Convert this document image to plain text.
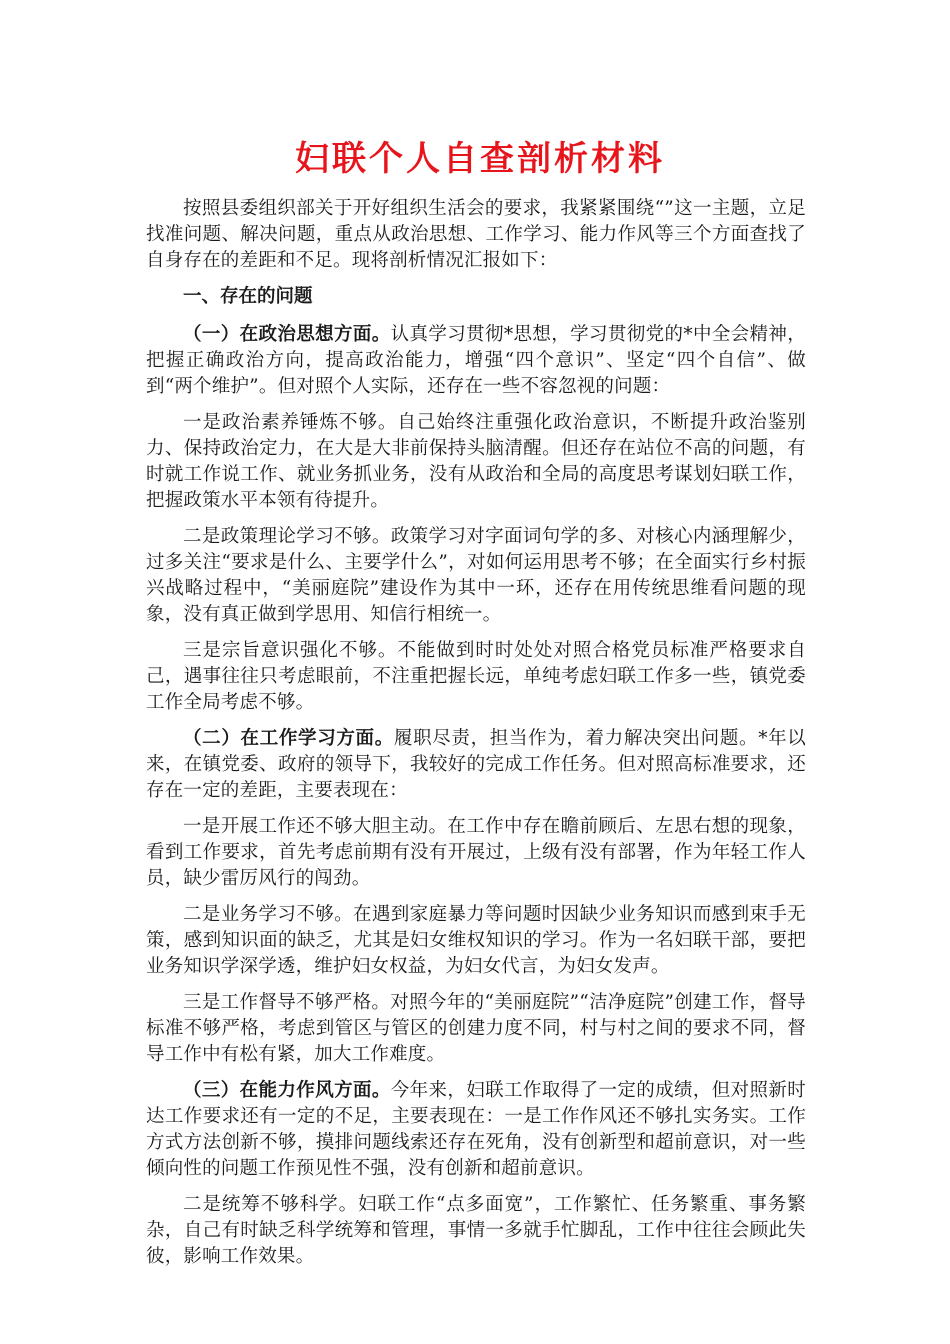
妇联个人自查剖析材料

按照县委组织部关于开好组织生活会的要求，我紧紧围绕“”这一主题，立足找准问题、解决问题，重点从政治思想、工作学习、能力作风等三个方面查找了自身存在的差距和不足。现将剖析情况汇报如下：

一、存在的问题

（一）在政治思想方面。认真学习贯彻*思想，学习贯彻党的*中全会精神，把握正确政治方向，提高政治能力，增强“四个意识”、坚定“四个自信”、做到“两个维护”。但对照个人实际，还存在一些不容忽视的问题：

一是政治素养锤炼不够。自己始终注重强化政治意识，不断提升政治鉴别力、保持政治定力，在大是大非前保持头脑清醒。但还存在站位不高的问题，有时就工作说工作、就业务抓业务，没有从政治和全局的高度思考谋划妇联工作，把握政策水平本领有待提升。

二是政策理论学习不够。政策学习对字面词句学的多、对核心内涵理解少，过多关注“要求是什么、主要学什么”，对如何运用思考不够；在全面实行乡村振兴战略过程中，“美丽庭院”建设作为其中一环，还存在用传统思维看问题的现象，没有真正做到学思用、知信行相统一。

三是宗旨意识强化不够。不能做到时时处处对照合格党员标准严格要求自己，遇事往往只考虑眼前，不注重把握长远，单纯考虑妇联工作多一些，镇党委工作全局考虑不够。

（二）在工作学习方面。履职尽责，担当作为，着力解决突出问题。*年以来，在镇党委、政府的领导下，我较好的完成工作任务。但对照高标准要求，还存在一定的差距，主要表现在：

一是开展工作还不够大胆主动。在工作中存在瞻前顾后、左思右想的现象，看到工作要求，首先考虑前期有没有开展过，上级有没有部署，作为年轻工作人员，缺少雷厉风行的闯劲。

二是业务学习不够。在遇到家庭暴力等问题时因缺少业务知识而感到束手无策，感到知识面的缺乏，尤其是妇女维权知识的学习。作为一名妇联干部，要把业务知识学深学透，维护妇女权益，为妇女代言，为妇女发声。

三是工作督导不够严格。对照今年的“美丽庭院”“洁净庭院”创建工作，督导标准不够严格，考虑到管区与管区的创建力度不同，村与村之间的要求不同，督导工作中有松有紧，加大工作难度。

（三）在能力作风方面。今年来，妇联工作取得了一定的成绩，但对照新时达工作要求还有一定的不足，主要表现在：一是工作作风还不够扎实务实。工作方式方法创新不够，摸排问题线索还存在死角，没有创新型和超前意识，对一些倾向性的问题工作预见性不强，没有创新和超前意识。

二是统筹不够科学。妇联工作“点多面宽”，工作繁忙、任务繁重、事务繁杂，自己有时缺乏科学统筹和管理，事情一多就手忙脚乱，工作中往往会顾此失彼，影响工作效果。
